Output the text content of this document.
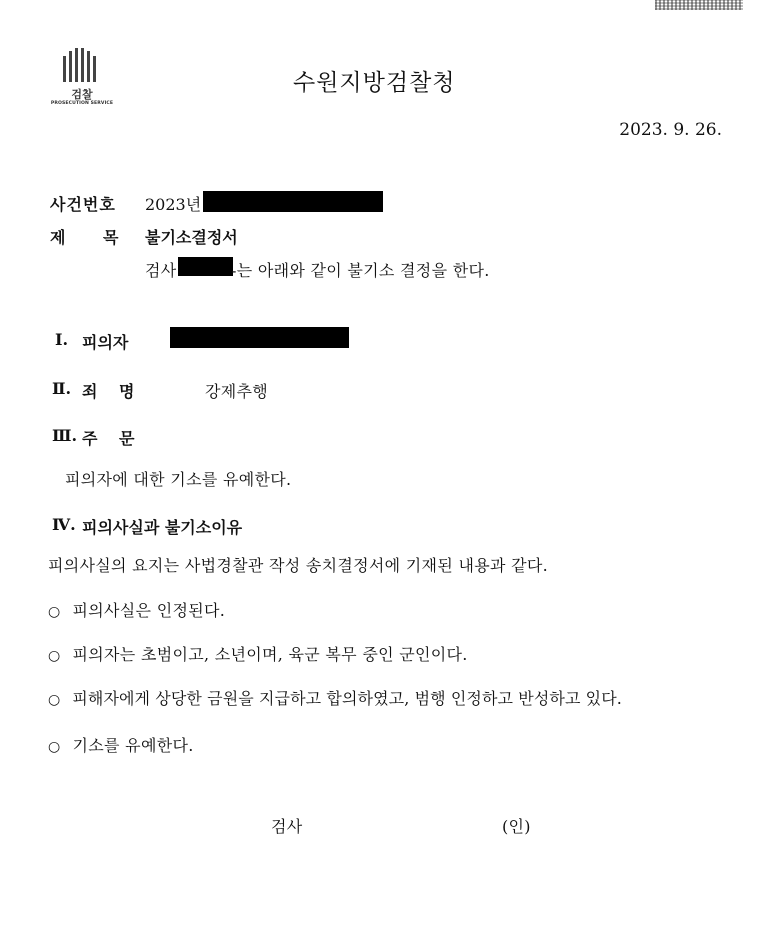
검찰
PROSECUTION SERVICE
수원지방검찰청
2023. 9. 26.
사건번호 2023년
제 목 불기소결정서
검사	-는 아래와 같이 불기소 결정을 한다.
Ⅰ. 피의자
Ⅱ. 죄 명	강제추행
Ⅲ. 주 문
피의자에 대한 기소를 유예한다.
Ⅳ. 피의사실과 불기소이유
피의사실의 요지는 사법경찰관 작성 송치결정서에 기재된 내용과 같다.
○ 피의사실은 인정된다.
○ 피의자는 초범이고, 소년이며, 육군 복무 중인 군인이다.
○ 피해자에게 상당한 금원을 지급하고 합의하였고, 범행 인정하고 반성하고 있다.
○ 기소를 유예한다.
검사	(인)
